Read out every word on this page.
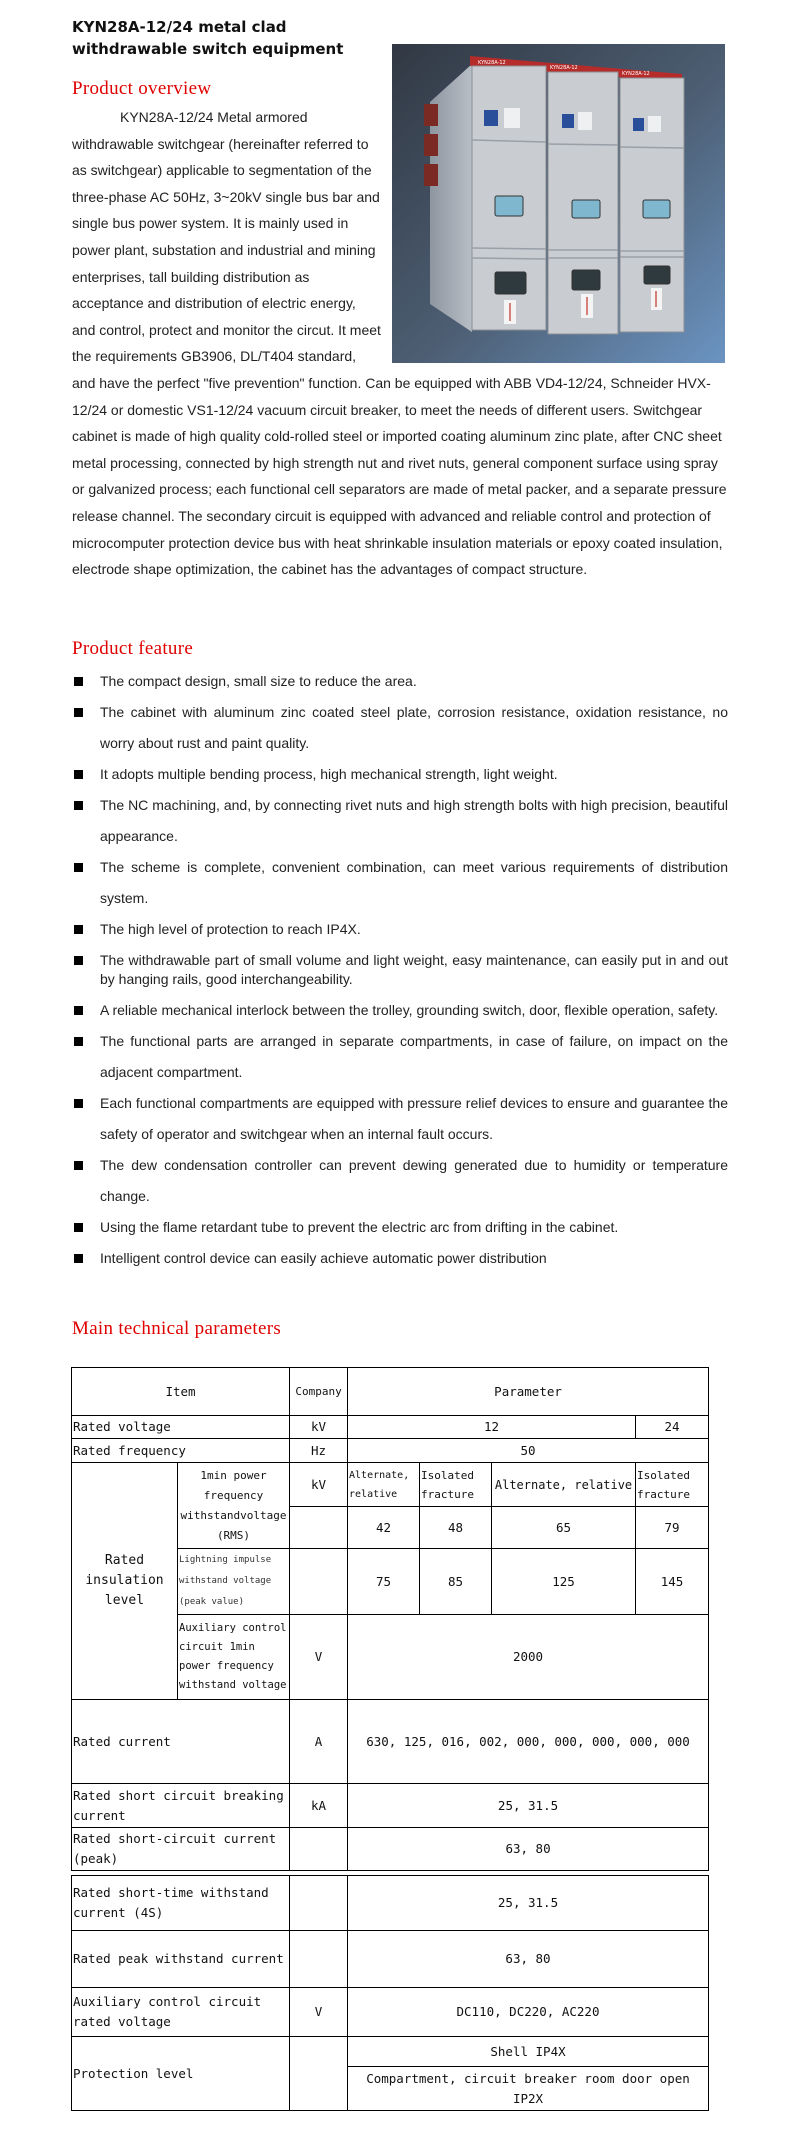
KYN28A-12/24 metal clad withdrawable switch equipment
Product overview
KYN28A-12
KYN28A-12
KYN28A-12
KYN28A-12/24 Metal armored withdrawable switchgear (hereinafter referred to as switchgear) applicable to segmentation of the three-phase AC 50Hz, 3~20kV single bus bar and single bus power system. It is mainly used in power plant, substation and industrial and mining enterprises, tall building distribution as acceptance and distribution of electric energy, and control, protect and monitor the circut. It meet the requirements GB3906, DL/T404 standard, and have the perfect "five prevention" function. Can be equipped with ABB VD4-12/24, Schneider HVX-12/24 or domestic VS1-12/24 vacuum circuit breaker, to meet the needs of different users. Switchgear cabinet is made of high quality cold-rolled steel or imported coating aluminum zinc plate, after CNC sheet metal processing, connected by high strength nut and rivet nuts, general component surface using spray or galvanized process; each functional cell separators are made of metal packer, and a separate pressure release channel. The secondary circuit is equipped with advanced and reliable control and protection of microcomputer protection device bus with heat shrinkable insulation materials or epoxy coated insulation, electrode shape optimization, the cabinet has the advantages of compact structure.
Product feature
The compact design, small size to reduce the area.
The cabinet with aluminum zinc coated steel plate, corrosion resistance, oxidation resistance, no worry about rust and paint quality.
It adopts multiple bending process, high mechanical strength, light weight.
The NC machining, and, by connecting rivet nuts and high strength bolts with high precision, beautiful appearance.
The scheme is complete, convenient combination, can meet various requirements of distribution system.
The high level of protection to reach IP4X.
The withdrawable part of small volume and light weight, easy maintenance, can easily put in and out by hanging rails, good interchangeability.
A reliable mechanical interlock between the trolley, grounding switch, door, flexible operation, safety.
The functional parts are arranged in separate compartments, in case of failure, on impact on the adjacent compartment.
Each functional compartments are equipped with pressure relief devices to ensure and guarantee the safety of operator and switchgear when an internal fault occurs.
The dew condensation controller can prevent dewing generated due to humidity or temperature change.
Using the flame retardant tube to prevent the electric arc from drifting in the cabinet.
Intelligent control device can easily achieve automatic power distribution
Main technical parameters
Item		Company	Parameter			
Rated voltage		kV	12			24
Rated frequency		Hz	50			
Rated insulation level	1min power frequency withstandvoltage (RMS)	kV	Alternate, relative	Isolated fracture	Alternate, relative	Isolated fracture
			42	48	65	79
	Lightning impulse withstand voltage (peak value)		75	85	125	145
	Auxiliary control circuit 1min power frequency withstand voltage	V	2000			
Rated current		A	630, 125, 016, 002, 000, 000, 000, 000, 000			
Rated short circuit breaking current		kA	25, 31.5			
Rated short-circuit current (peak)			63, 80			
Rated short-time withstand current (4S)		25, 31.5
Rated peak withstand current		63, 80
Auxiliary control circuit rated voltage	V	DC110, DC220, AC220
Protection level		Shell IP4X
		Compartment, circuit breaker room door open IP2X
